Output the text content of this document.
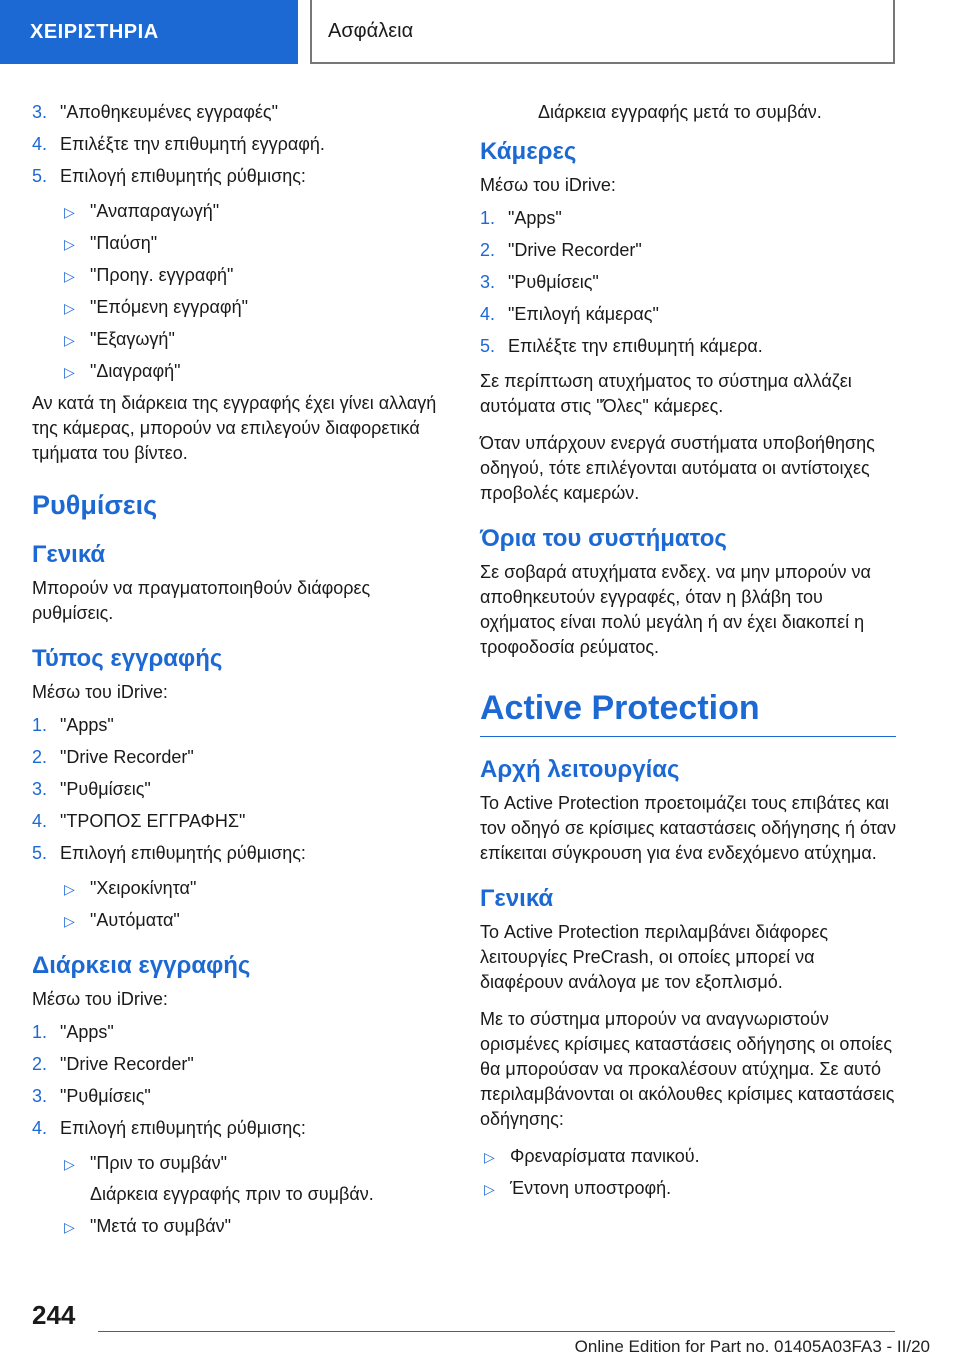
ΧΕΙΡΙΣΤΗΡΙΑ	Ασφάλεια
3. "Αποθηκευμένες εγγραφές"
4. Επιλέξτε την επιθυμητή εγγραφή.
5. Επιλογή επιθυμητής ρύθμισης:
▷ "Αναπαραγωγή"
▷ "Παύση"
▷ "Προηγ. εγγραφή"
▷ "Επόμενη εγγραφή"
▷ "Εξαγωγή"
▷ "Διαγραφή"

Αν κατά τη διάρκεια της εγγραφής έχει γίνει αλλαγή της κάμερας, μπορούν να επιλεγούν διαφορετικά τμήματα του βίντεο.

Ρυθμίσεις
Γενικά

Μπορούν να πραγματοποιηθούν διάφορες ρυθμίσεις.

Τύπος εγγραφής

Μέσω του iDrive:

1. "Apps"
2. "Drive Recorder"
3. "Ρυθμίσεις"
4. "ΤΡΟΠΟΣ ΕΓΓΡΑΦΗΣ"
5. Επιλογή επιθυμητής ρύθμισης:
▷ "Χειροκίνητα"
▷ "Αυτόματα"
Διάρκεια εγγραφής

Μέσω του iDrive:

1. "Apps"
2. "Drive Recorder"
3. "Ρυθμίσεις"
4. Επιλογή επιθυμητής ρύθμισης:
▷ "Πριν το συμβάν"
Διάρκεια εγγραφής πριν το συμβάν.
▷ "Μετά το συμβάν"

Διάρκεια εγγραφής μετά το συμβάν.

Κάμερες

Μέσω του iDrive:

1. "Apps"
2. "Drive Recorder"
3. "Ρυθμίσεις"
4. "Επιλογή κάμερας"
5. Επιλέξτε την επιθυμητή κάμερα.

Σε περίπτωση ατυχήματος το σύστημα αλλάζει αυτόματα στις "Όλες" κάμερες.

Όταν υπάρχουν ενεργά συστήματα υποβοήθησης οδηγού, τότε επιλέγονται αυτόματα οι αντίστοιχες προβολές καμερών.

Όρια του συστήματος

Σε σοβαρά ατυχήματα ενδεχ. να μην μπορούν να αποθηκευτούν εγγραφές, όταν η βλάβη του οχήματος είναι πολύ μεγάλη ή αν έχει διακοπεί η τροφοδοσία ρεύματος.

Active Protection
Αρχή λειτουργίας

Το Active Protection προετοιμάζει τους επιβάτες και τον οδηγό σε κρίσιμες καταστάσεις οδήγησης ή όταν επίκειται σύγκρουση για ένα ενδεχόμενο ατύχημα.

Γενικά

Το Active Protection περιλαμβάνει διάφορες λειτουργίες PreCrash, οι οποίες μπορεί να διαφέρουν ανάλογα με τον εξοπλισμό.

Με το σύστημα μπορούν να αναγνωριστούν ορισμένες κρίσιμες καταστάσεις οδήγησης οι οποίες θα μπορούσαν να προκαλέσουν ατύχημα. Σε αυτό περιλαμβάνονται οι ακόλουθες κρίσιμες καταστάσεις οδήγησης:

▷ Φρεναρίσματα πανικού.
▷ Έντονη υποστροφή.
244
Online Edition for Part no. 01405A03FA3 - II/20
